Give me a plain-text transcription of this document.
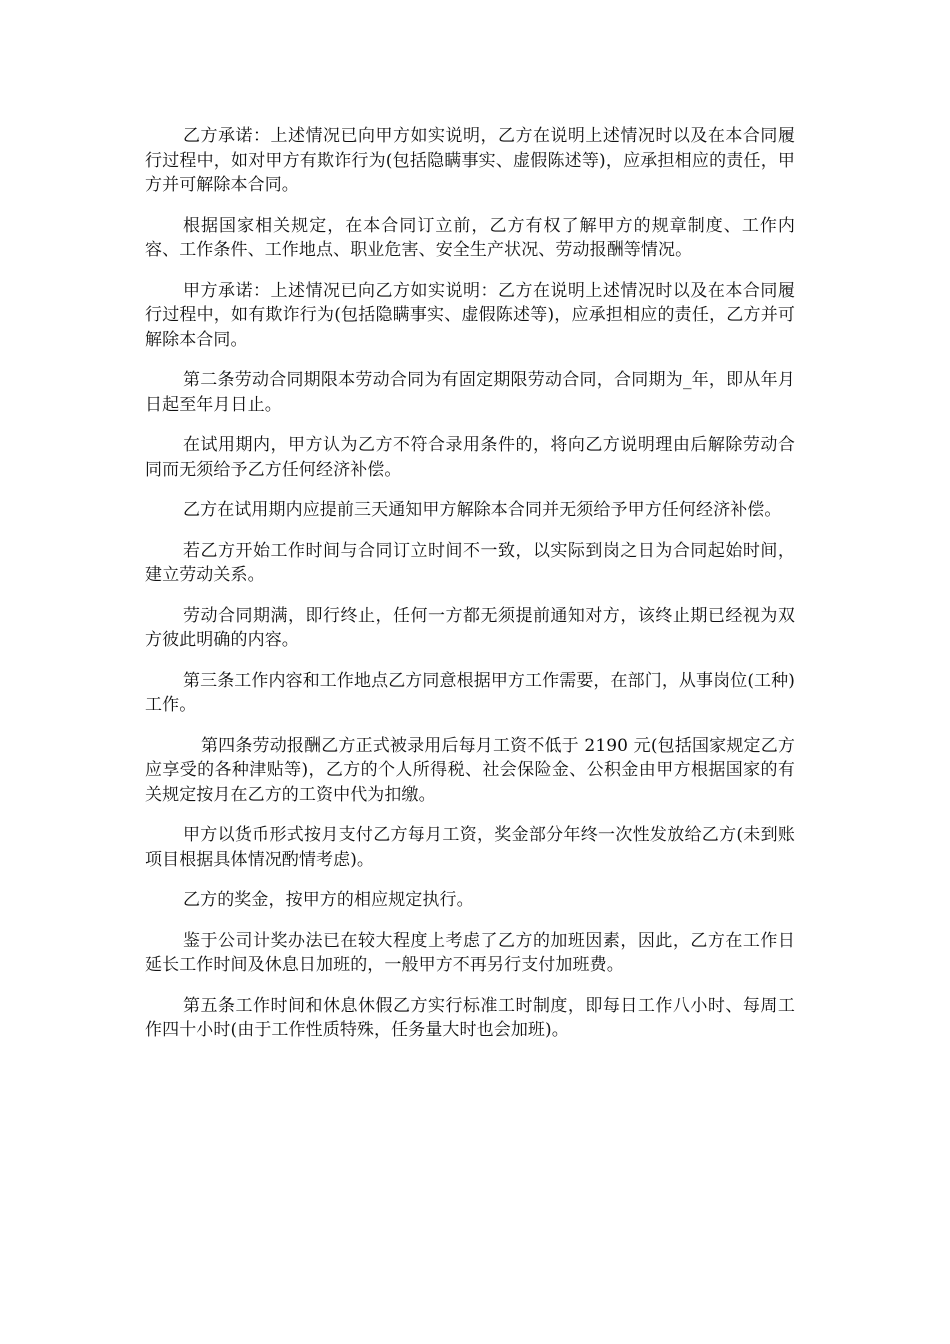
乙方承诺：上述情况已向甲方如实说明，乙方在说明上述情况时以及在本合同履行过程中，如对甲方有欺诈行为(包括隐瞒事实、虚假陈述等)，应承担相应的责任，甲方并可解除本合同。

根据国家相关规定，在本合同订立前，乙方有权了解甲方的规章制度、工作内容、工作条件、工作地点、职业危害、安全生产状况、劳动报酬等情况。

甲方承诺：上述情况已向乙方如实说明：乙方在说明上述情况时以及在本合同履行过程中，如有欺诈行为(包括隐瞒事实、虚假陈述等)，应承担相应的责任，乙方并可解除本合同。

第二条劳动合同期限本劳动合同为有固定期限劳动合同，合同期为_年，即从年月日起至年月日止。

在试用期内，甲方认为乙方不符合录用条件的，将向乙方说明理由后解除劳动合同而无须给予乙方任何经济补偿。

乙方在试用期内应提前三天通知甲方解除本合同并无须给予甲方任何经济补偿。

若乙方开始工作时间与合同订立时间不一致，以实际到岗之日为合同起始时间，建立劳动关系。

劳动合同期满，即行终止，任何一方都无须提前通知对方，该终止期已经视为双方彼此明确的内容。

第三条工作内容和工作地点乙方同意根据甲方工作需要，在部门，从事岗位(工种)工作。

第四条劳动报酬乙方正式被录用后每月工资不低于 2190 元(包括国家规定乙方应享受的各种津贴等)，乙方的个人所得税、社会保险金、公积金由甲方根据国家的有关规定按月在乙方的工资中代为扣缴。

甲方以货币形式按月支付乙方每月工资，奖金部分年终一次性发放给乙方(未到账项目根据具体情况酌情考虑)。

乙方的奖金，按甲方的相应规定执行。

鉴于公司计奖办法已在较大程度上考虑了乙方的加班因素，因此，乙方在工作日延长工作时间及休息日加班的，一般甲方不再另行支付加班费。

第五条工作时间和休息休假乙方实行标准工时制度，即每日工作八小时、每周工作四十小时(由于工作性质特殊，任务量大时也会加班)。
